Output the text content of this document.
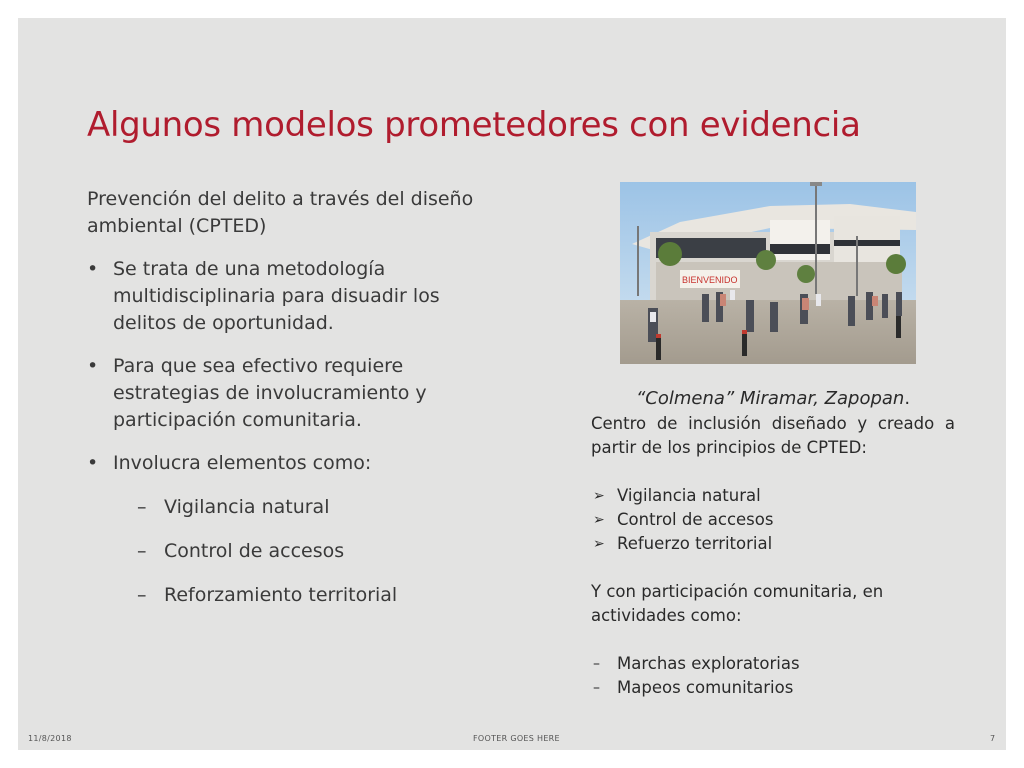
Algunos modelos prometedores con evidencia

Prevención del delito a través del diseño ambiental (CPTED)

• Se trata de una metodología multidisciplinaria para disuadir los delitos de oportunidad.
• Para que sea efectivo requiere estrategias de involucramiento y participación comunitaria.
• Involucra elementos como:
– Vigilancia natural
– Control de accesos
– Reforzamiento territorial
BIENVENIDO
“Colmena” Miramar, Zapopan.
Centro de inclusión diseñado y creado a partir de los principios de CPTED:
➢ Vigilancia natural
➢ Control de accesos
➢ Refuerzo territorial
Y con participación comunitaria, en actividades como:
– Marchas exploratorias
– Mapeos comunitarios
11/8/2018	FOOTER GOES HERE	7
